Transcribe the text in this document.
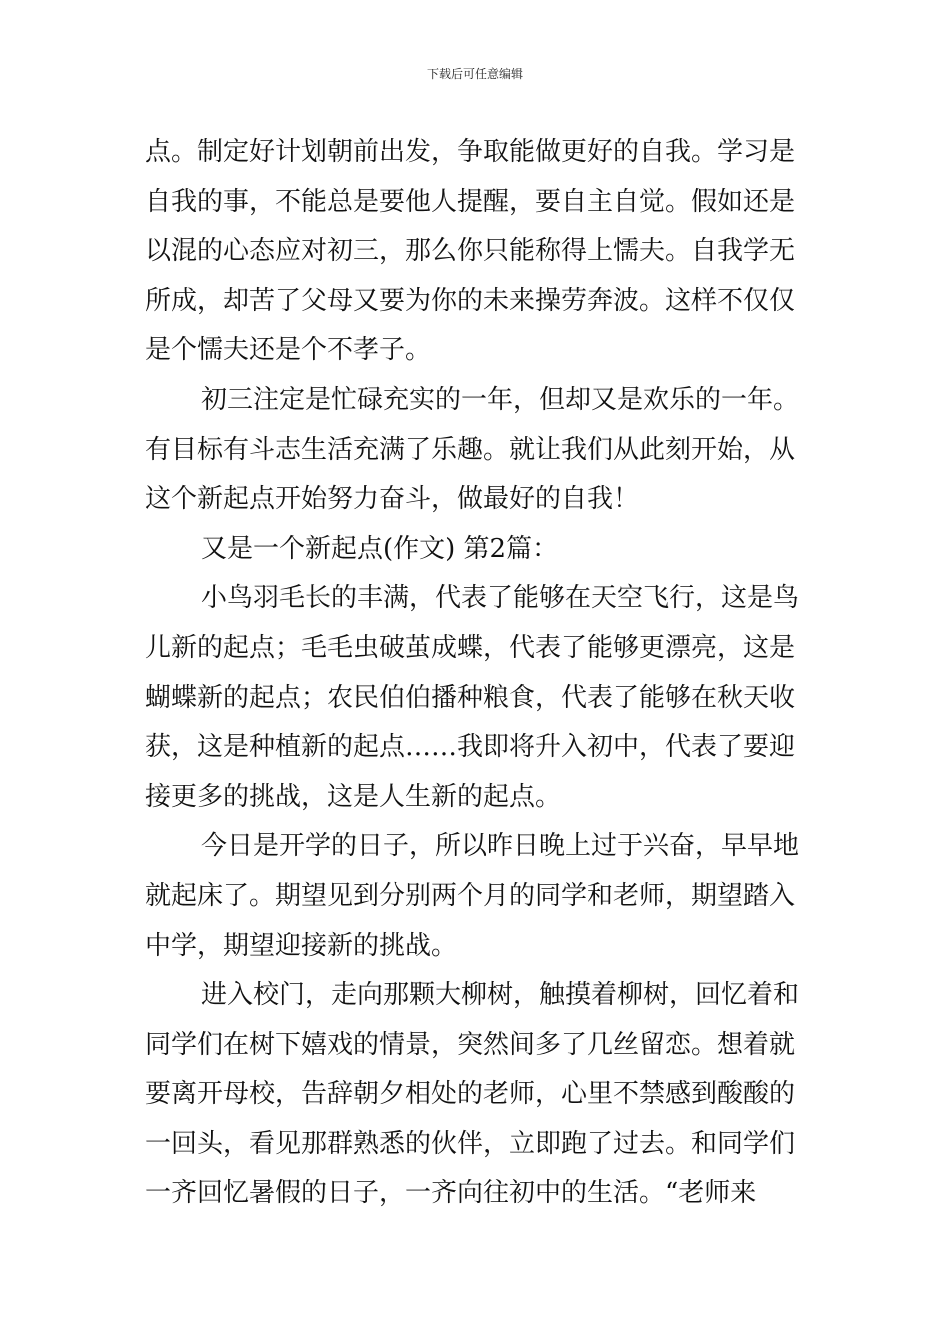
下载后可任意编辑
点。制定好计划朝前出发，争取能做更好的自我。学习是
自我的事，不能总是要他人提醒，要自主自觉。假如还是
以混的心态应对初三，那么你只能称得上懦夫。自我学无
所成，却苦了父母又要为你的未来操劳奔波。这样不仅仅
是个懦夫还是个不孝子。
初三注定是忙碌充实的一年，但却又是欢乐的一年。
有目标有斗志生活充满了乐趣。就让我们从此刻开始，从
这个新起点开始努力奋斗，做最好的自我！
又是一个新起点(作文) 第2篇：
小鸟羽毛长的丰满，代表了能够在天空飞行，这是鸟
儿新的起点；毛毛虫破茧成蝶，代表了能够更漂亮，这是
蝴蝶新的起点；农民伯伯播种粮食，代表了能够在秋天收
获，这是种植新的起点……我即将升入初中，代表了要迎
接更多的挑战，这是人生新的起点。
今日是开学的日子，所以昨日晚上过于兴奋，早早地
就起床了。期望见到分别两个月的同学和老师，期望踏入
中学，期望迎接新的挑战。
进入校门，走向那颗大柳树，触摸着柳树，回忆着和
同学们在树下嬉戏的情景，突然间多了几丝留恋。想着就
要离开母校，告辞朝夕相处的老师，心里不禁感到酸酸的
一回头，看见那群熟悉的伙伴，立即跑了过去。和同学们
一齐回忆暑假的日子，一齐向往初中的生活。“老师来
